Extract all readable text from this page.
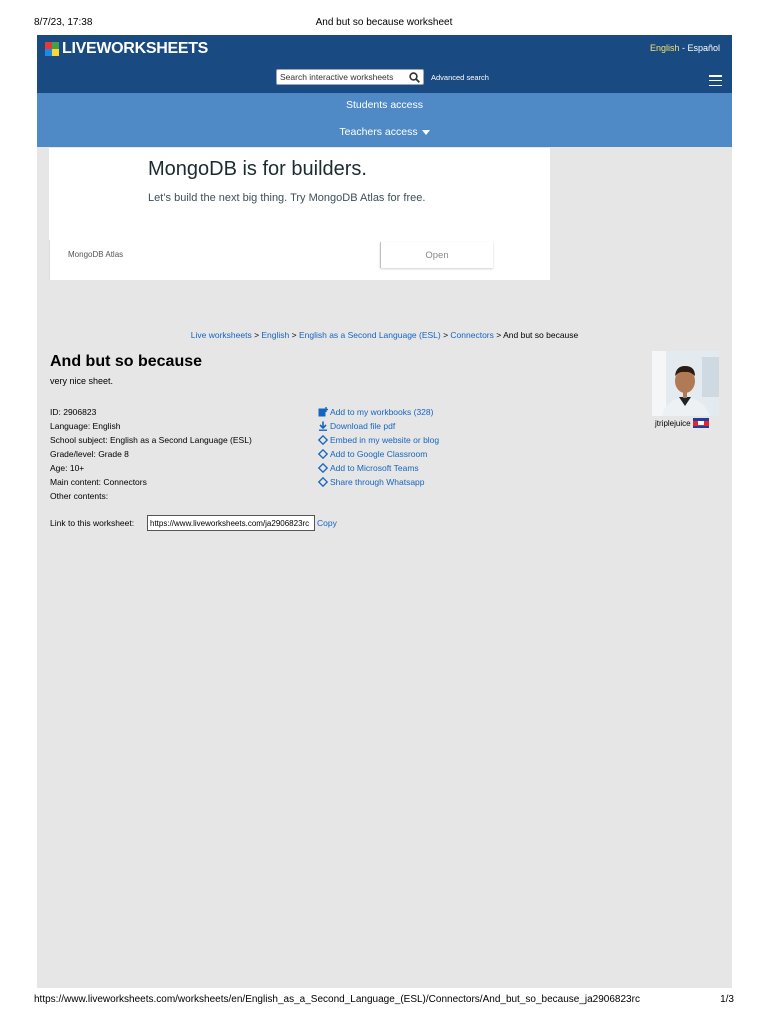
8/7/23, 17:38	And but so because worksheet
LIVEWORKSHEETS	English - Español
Search interactive worksheets
Advanced search
Students access
Teachers access
MongoDB is for builders.
Let’s build the next big thing. Try MongoDB Atlas for free.
MongoDB Atlas	Open
Live worksheets > English > English as a Second Language (ESL) > Connectors > And but so because
And but so because
very nice sheet.
ID: 2906823
Language: English
School subject: English as a Second Language (ESL)
Grade/level: Grade 8
Age: 10+
Main content: Connectors
Other contents:
Add to my workbooks (328)
Download file pdf
Embed in my website or blog
Add to Google Classroom
Add to Microsoft Teams
Share through Whatsapp
jtriplejuice
Link to this worksheet:
https://www.liveworksheets.com/ja2906823rc	Copy
https://www.liveworksheets.com/worksheets/en/English_as_a_Second_Language_(ESL)/Connectors/And_but_so_because_ja2906823rc	1/3
